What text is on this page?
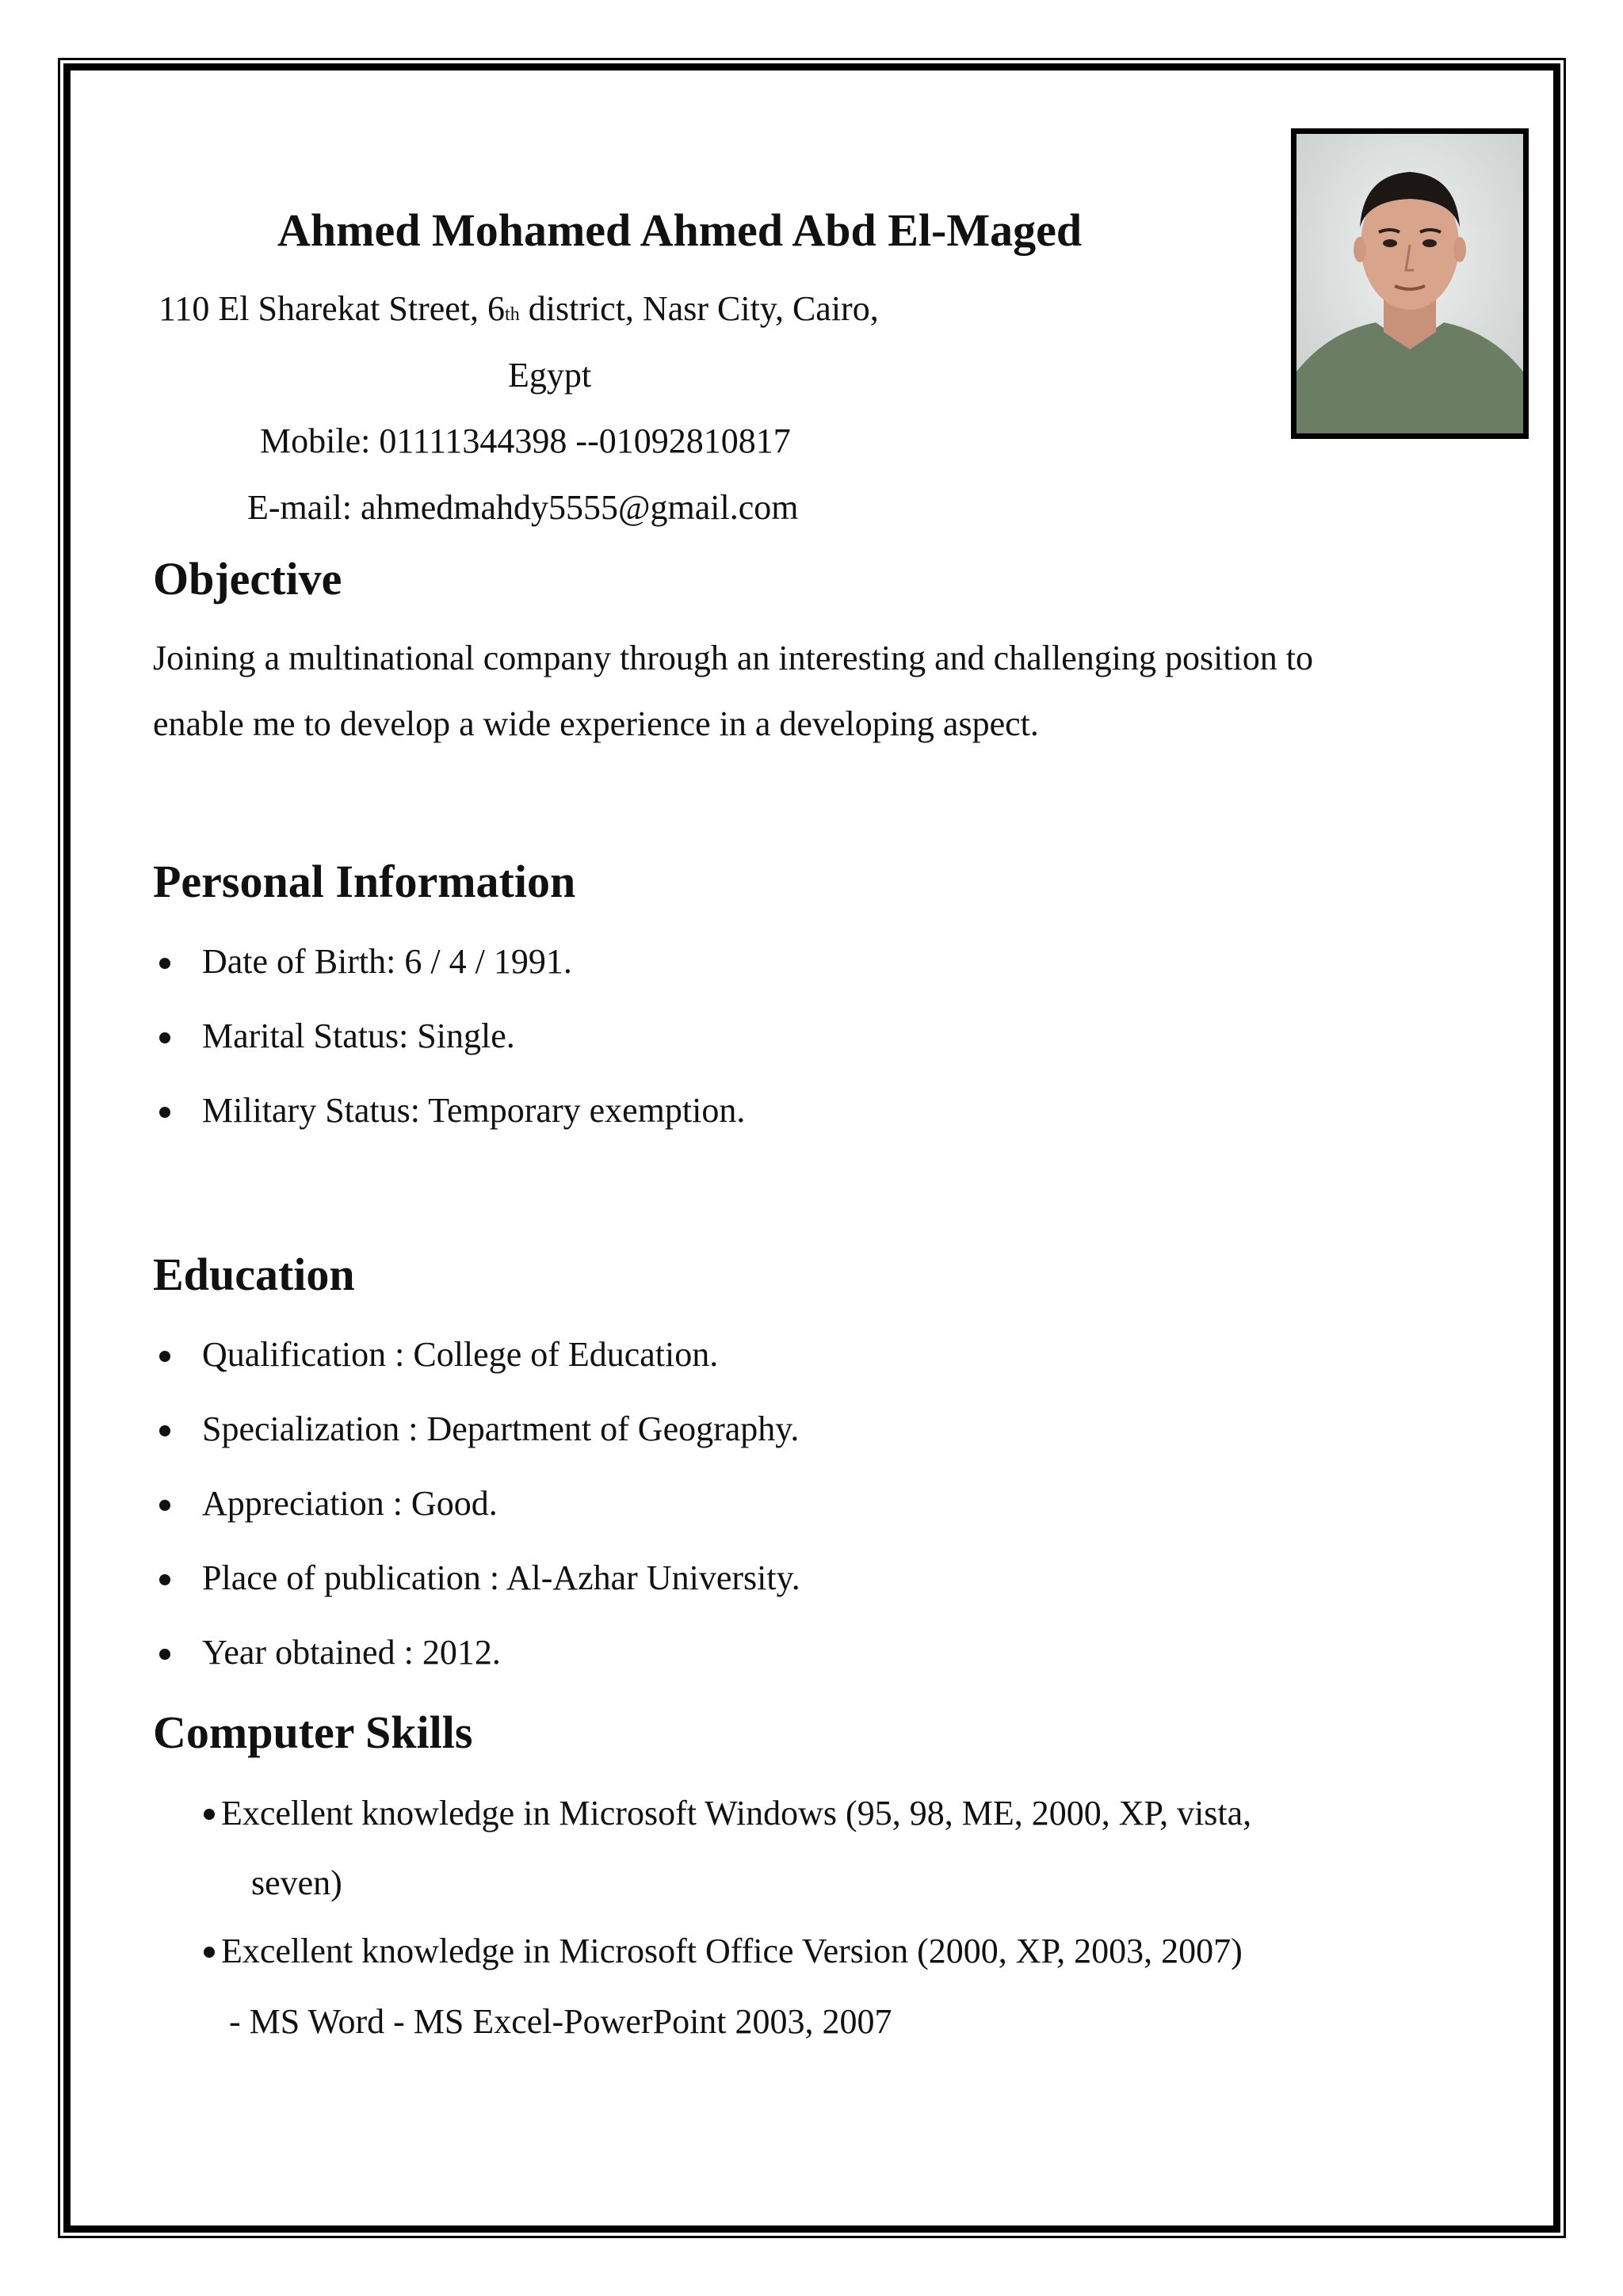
Ahmed Mohamed Ahmed Abd El-Maged

110 El Sharekat Street, 6th district, Nasr City, Cairo,

Egypt

Mobile: 01111344398 --01092810817

E-mail: ahmedmahdy5555@gmail.com

Objective

Joining a multinational company through an interesting and challenging position to

enable me to develop a wide experience in a developing aspect.

Personal Information
Date of Birth: 6 / 4 / 1991.
Marital Status: Single.
Military Status: Temporary exemption.
Education
Qualification : College of Education.
Specialization : Department of Geography.
Appreciation : Good.
Place of publication : Al-Azhar University.
Year obtained : 2012.
Computer Skills

Excellent knowledge in Microsoft Windows (95, 98, ME, 2000, XP, vista,

seven)

Excellent knowledge in Microsoft Office Version (2000, XP, 2003, 2007)

- MS Word - MS Excel-PowerPoint 2003, 2007
